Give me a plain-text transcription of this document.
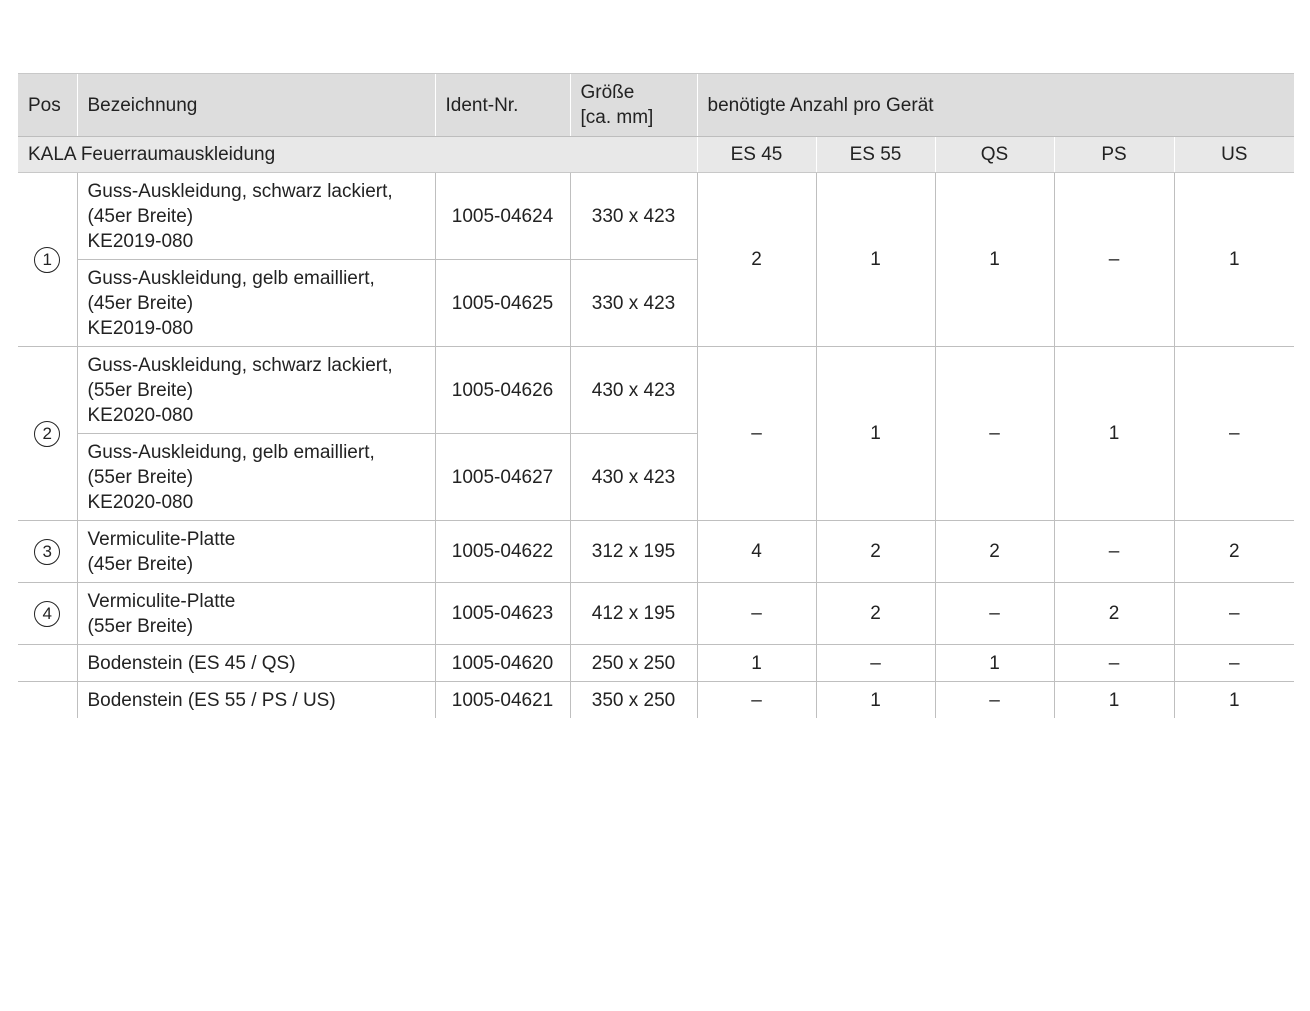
Pos	Bezeichnung	Ident-Nr.	Größe
[ca. mm]	benötigte Anzahl pro Gerät				
KALA Feuerraumauskleidung				ES 45	ES 55	QS	PS	US
1	Guss-Auskleidung, schwarz lackiert,
(45er Breite)
KE2019-080	1005-04624	330 x 423	2	1	1	–	1

	Guss-Auskleidung, gelb emailliert,
(45er Breite)
KE2019-080	1005-04625	330 x 423					
2	Guss-Auskleidung, schwarz lackiert,
(55er Breite)
KE2020-080	1005-04626	430 x 423	–	1	–	1	–

	Guss-Auskleidung, gelb emailliert,
(55er Breite)
KE2020-080	1005-04627	430 x 423					
3	Vermiculite-Platte
(45er Breite)	1005-04622	312 x 195	4	2	2	–	2
4	Vermiculite-Platte
(55er Breite)	1005-04623	412 x 195	–	2	–	2	–

	Bodenstein (ES 45 / QS)	1005-04620	250 x 250	1	–	1	–	–

	Bodenstein (ES 55 / PS / US)	1005-04621	350 x 250	–	1	–	1	1
